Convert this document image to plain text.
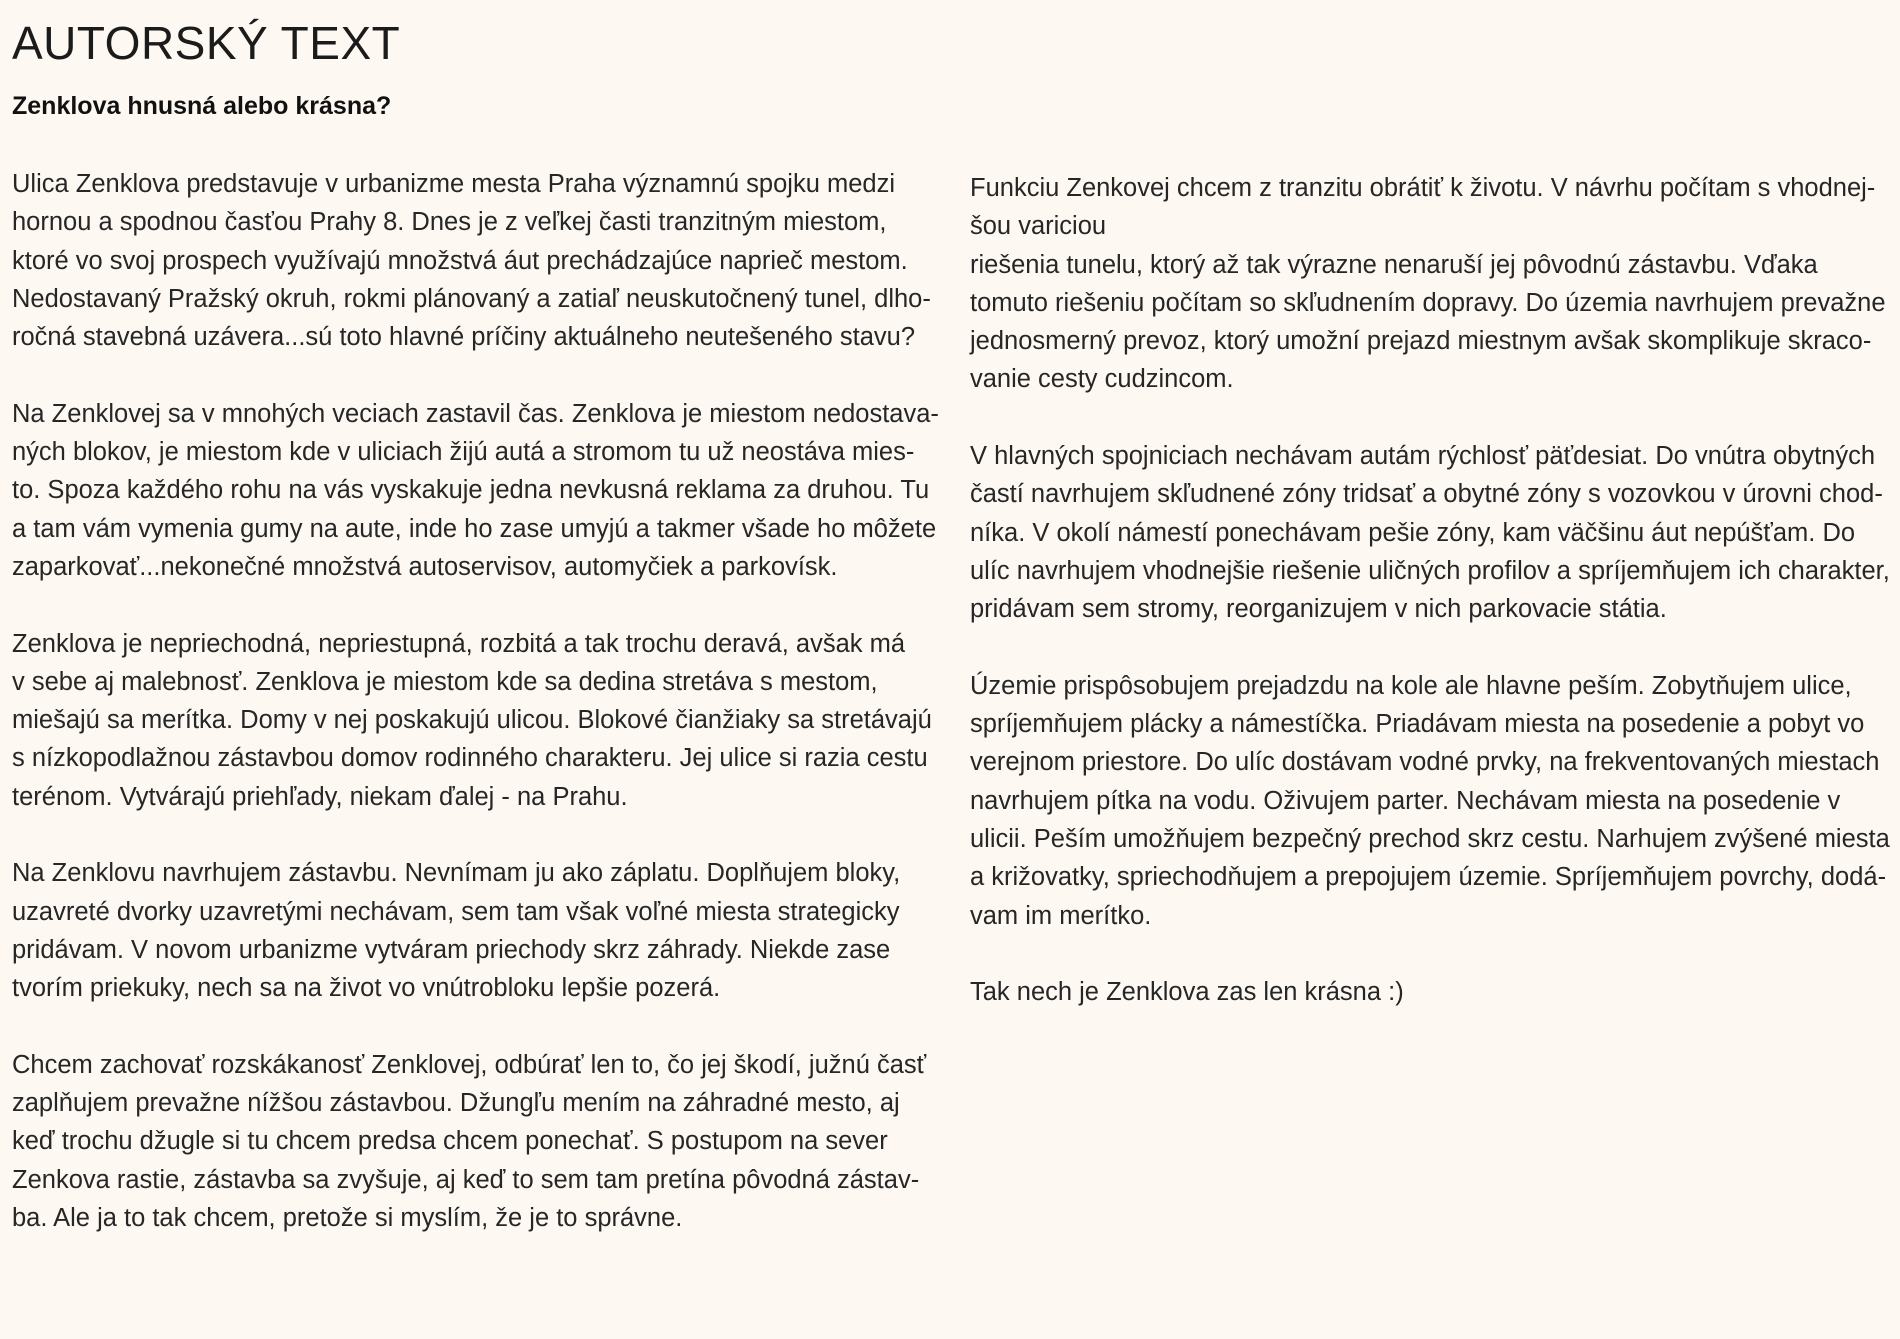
AUTORSKÝ TEXT
Zenklova hnusná alebo krásna?

Ulica Zenklova predstavuje v urbanizme mesta Praha významnú spojku medzi
hornou a spodnou časťou Prahy 8. Dnes je z veľkej časti tranzitným miestom,
ktoré vo svoj prospech využívajú množstvá áut prechádzajúce naprieč mestom.
Nedostavaný Pražský okruh, rokmi plánovaný a zatiaľ neuskutočnený tunel, dlho-
ročná stavebná uzávera...sú toto hlavné príčiny aktuálneho neutešeného stavu?

Na Zenklovej sa v mnohých veciach zastavil čas. Zenklova je miestom nedostava-
ných blokov, je miestom kde v uliciach žijú autá a stromom tu už neostáva mies-
to. Spoza každého rohu na vás vyskakuje jedna nevkusná reklama za druhou. Tu
a tam vám vymenia gumy na aute, inde ho zase umyjú a takmer všade ho môžete
zaparkovať...nekonečné množstvá autoservisov, automyčiek a parkovísk.

Zenklova je nepriechodná, nepriestupná, rozbitá a tak trochu deravá, avšak má
v sebe aj malebnosť. Zenklova je miestom kde sa dedina stretáva s mestom,
miešajú sa merítka. Domy v nej poskakujú ulicou. Blokové čianžiaky sa stretávajú
s nízkopodlažnou zástavbou domov rodinného charakteru. Jej ulice si razia cestu
terénom. Vytvárajú priehľady, niekam ďalej - na Prahu.

Na Zenklovu navrhujem zástavbu. Nevnímam ju ako záplatu. Doplňujem bloky,
uzavreté dvorky uzavretými nechávam, sem tam však voľné miesta strategicky
pridávam. V novom urbanizme vytváram priechody skrz záhrady. Niekde zase
tvorím priekuky, nech sa na život vo vnútrobloku lepšie pozerá.

Chcem zachovať rozskákanosť Zenklovej, odbúrať len to, čo jej škodí, južnú časť
zaplňujem prevažne nížšou zástavbou. Džungľu mením na záhradné mesto, aj
keď trochu džugle si tu chcem predsa chcem ponechať. S postupom na sever
Zenkova rastie, zástavba sa zvyšuje, aj keď to sem tam pretína pôvodná zástav-
ba. Ale ja to tak chcem, pretože si myslím, že je to správne.

Funkciu Zenkovej chcem z tranzitu obrátiť k životu. V návrhu počítam s vhodnej-
šou variciou
riešenia tunelu, ktorý až tak výrazne nenaruší jej pôvodnú zástavbu. Vďaka
tomuto riešeniu počítam so skľudnením dopravy. Do územia navrhujem prevažne
jednosmerný prevoz, ktorý umožní prejazd miestnym avšak skomplikuje skraco-
vanie cesty cudzincom.

V hlavných spojniciach nechávam autám rýchlosť päťdesiat. Do vnútra obytných
častí navrhujem skľudnené zóny tridsať a obytné zóny s vozovkou v úrovni chod-
níka. V okolí námestí ponechávam pešie zóny, kam väčšinu áut nepúšťam. Do
ulíc navrhujem vhodnejšie riešenie uličných profilov a spríjemňujem ich charakter,
pridávam sem stromy, reorganizujem v nich parkovacie státia.

Územie prispôsobujem prejadzdu na kole ale hlavne peším. Zobytňujem ulice,
spríjemňujem plácky a námestíčka. Priadávam miesta na posedenie a pobyt vo
verejnom priestore. Do ulíc dostávam vodné prvky, na frekventovaných miestach
navrhujem pítka na vodu. Oživujem parter. Nechávam miesta na posedenie v
ulicii. Peším umožňujem bezpečný prechod skrz cestu. Narhujem zvýšené miesta
a križovatky, spriechodňujem a prepojujem územie. Spríjemňujem povrchy, dodá-
vam im merítko.

Tak nech je Zenklova zas len krásna :)
